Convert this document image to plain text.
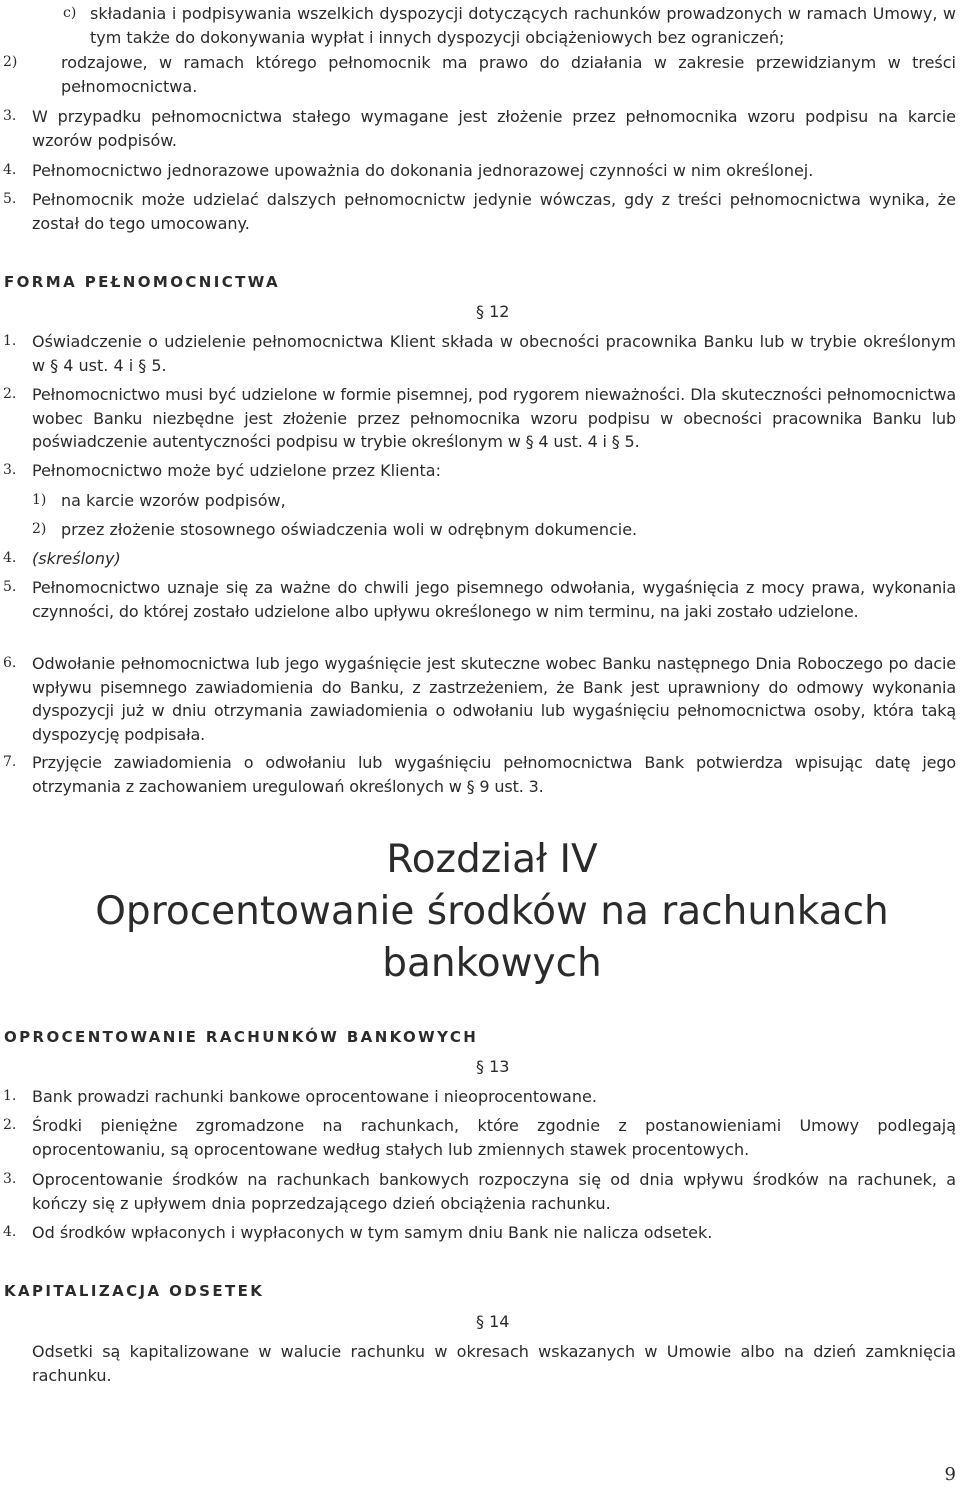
c) składania i podpisywania wszelkich dyspozycji dotyczących rachunków prowadzonych w ramach Umowy, w tym także do dokonywania wypłat i innych dyspozycji obciążeniowych bez ograniczeń;
2)	rodzajowe, w ramach którego pełnomocnik ma prawo do działania w zakresie przewidzianym w treści pełnomocnictwa.
3. W przypadku pełnomocnictwa stałego wymagane jest złożenie przez pełnomocnika wzoru podpisu na karcie wzorów podpisów.
4. Pełnomocnictwo jednorazowe upoważnia do dokonania jednorazowej czynności w nim określonej.
5. Pełnomocnik może udzielać dalszych pełnomocnictw jedynie wówczas, gdy z treści pełnomocnictwa wynika, że został do tego umocowany.
FORMA PEŁNOMOCNICTWA
§ 12
1. Oświadczenie o udzielenie pełnomocnictwa Klient składa w obecności pracownika Banku lub w trybie określonym w § 4 ust. 4 i § 5.
2. Pełnomocnictwo musi być udzielone w formie pisemnej, pod rygorem nieważności. Dla skuteczności pełnomocnictwa wobec Banku niezbędne jest złożenie przez pełnomocnika wzoru podpisu w obecności pracownika Banku lub poświadczenie autentyczności podpisu w trybie określonym w § 4 ust. 4 i § 5.
3. Pełnomocnictwo może być udzielone przez Klienta:
1) na karcie wzorów podpisów,
2) przez złożenie stosownego oświadczenia woli w odrębnym dokumencie.
4. (skreślony)
5. Pełnomocnictwo uznaje się za ważne do chwili jego pisemnego odwołania, wygaśnięcia z mocy prawa, wykonania czynności, do której zostało udzielone albo upływu określonego w nim terminu, na jaki zostało udzielone.
6. Odwołanie pełnomocnictwa lub jego wygaśnięcie jest skuteczne wobec Banku następnego Dnia Roboczego po dacie wpływu pisemnego zawiadomienia do Banku, z zastrzeżeniem, że Bank jest uprawniony do odmowy wykonania dyspozycji już w dniu otrzymania zawiadomienia o odwołaniu lub wygaśnięciu pełnomocnictwa osoby, która taką dyspozycję podpisała.
7. Przyjęcie zawiadomienia o odwołaniu lub wygaśnięciu pełnomocnictwa Bank potwierdza wpisując datę jego otrzymania z zachowaniem uregulowań określonych w § 9 ust. 3.
Rozdział IV
Oprocentowanie środków na rachunkach
bankowych
OPROCENTOWANIE RACHUNKÓW BANKOWYCH
§ 13
1. Bank prowadzi rachunki bankowe oprocentowane i nieoprocentowane.
2. Środki pieniężne zgromadzone na rachunkach, które zgodnie z postanowieniami Umowy podlegają oprocentowaniu, są oprocentowane według stałych lub zmiennych stawek procentowych.
3. Oprocentowanie środków na rachunkach bankowych rozpoczyna się od dnia wpływu środków na rachunek, a kończy się z upływem dnia poprzedzającego dzień obciążenia rachunku.
4. Od środków wpłaconych i wypłaconych w tym samym dniu Bank nie nalicza odsetek.
KAPITALIZACJA ODSETEK
§ 14
Odsetki są kapitalizowane w walucie rachunku w okresach wskazanych w Umowie albo na dzień zamknięcia rachunku.
9
